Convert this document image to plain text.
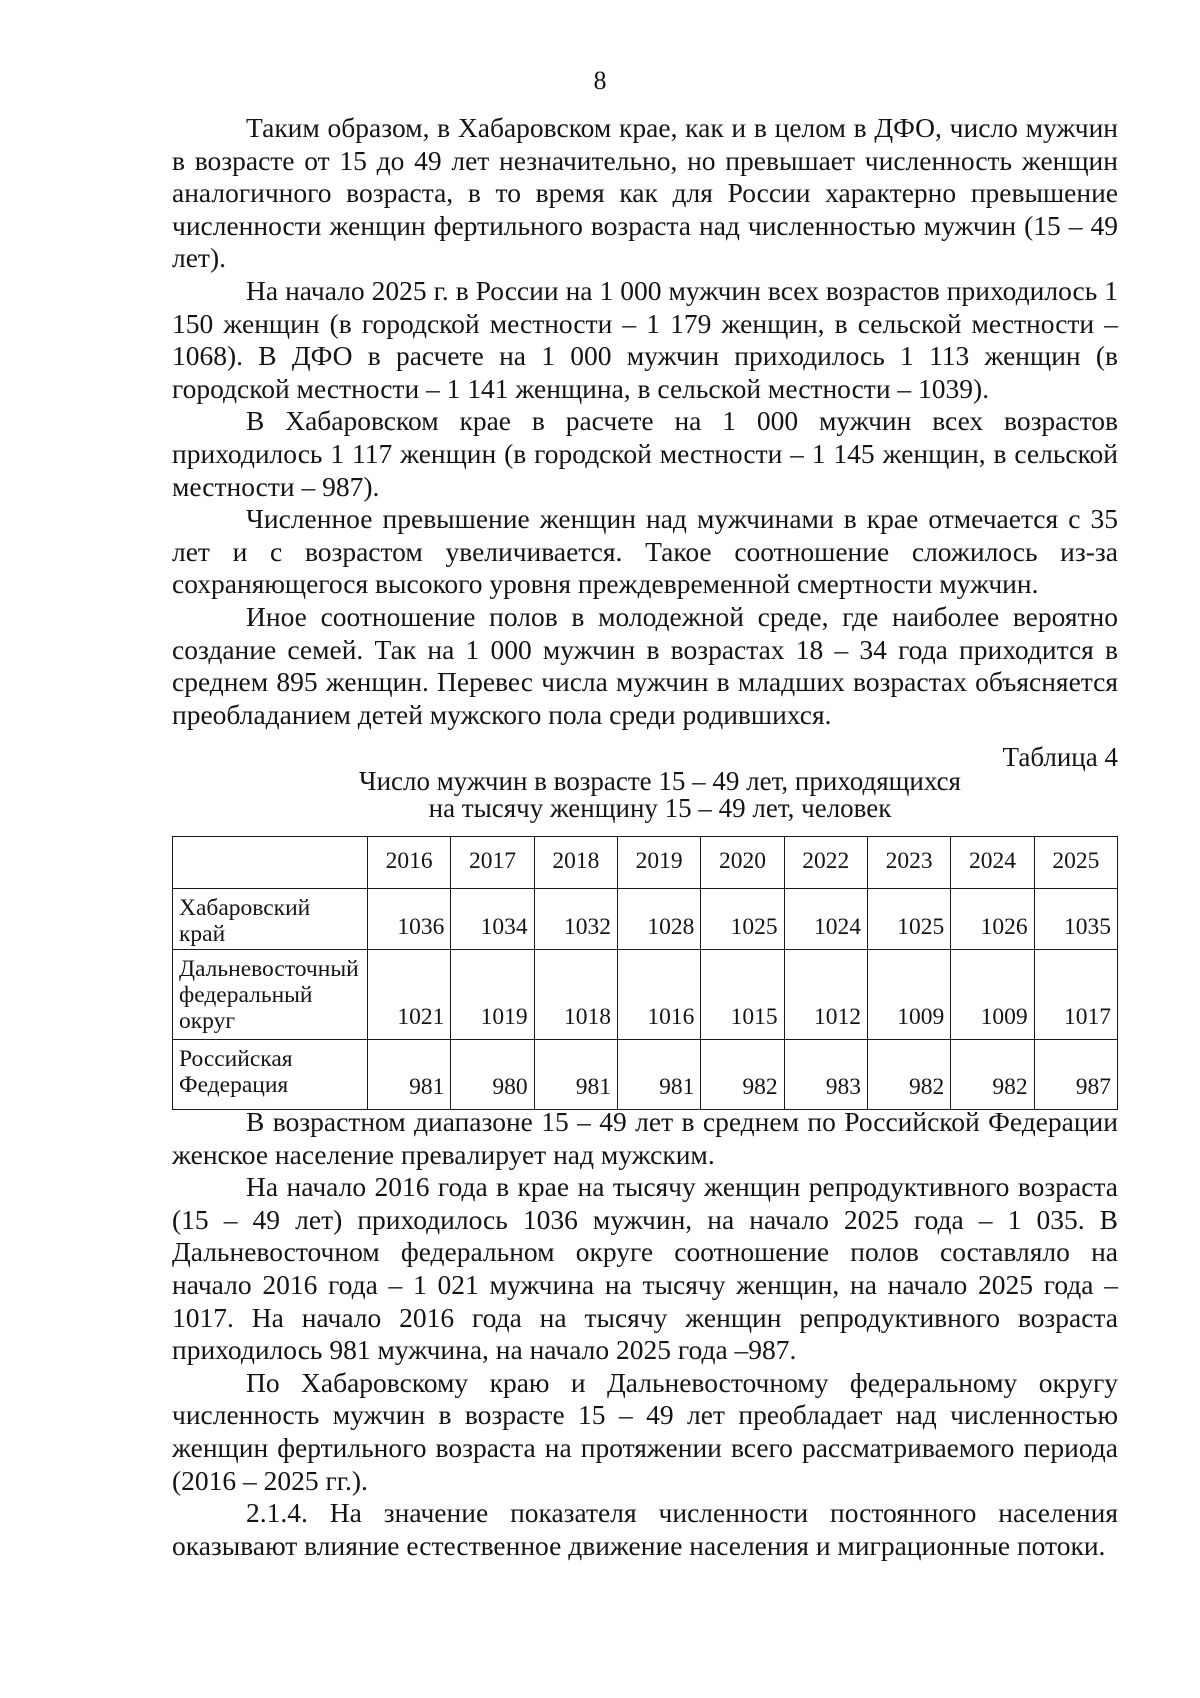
8

Таким образом, в Хабаровском крае, как и в целом в ДФО, число мужчин в возрасте от 15 до 49 лет незначительно, но превышает численность женщин аналогичного возраста, в то время как для России характерно превышение численности женщин фертильного возраста над численностью мужчин (15 – 49 лет).

На начало 2025 г. в России на 1 000 мужчин всех возрастов приходилось 1 150 женщин (в городской местности – 1 179 женщин, в сельской местности – 1068). В ДФО в расчете на 1 000 мужчин приходилось 1 113 женщин (в городской местности – 1 141 женщина, в сельской местности – 1039).

В Хабаровском крае в расчете на 1 000 мужчин всех возрастов приходилось 1 117 женщин (в городской местности – 1 145 женщин, в сельской местности – 987).

Численное превышение женщин над мужчинами в крае отмечается с 35 лет и с возрастом увеличивается. Такое соотношение сложилось из-за сохраняющегося высокого уровня преждевременной смертности мужчин.

Иное соотношение полов в молодежной среде, где наиболее вероятно создание семей. Так на 1 000 мужчин в возрастах 18 – 34 года приходится в среднем 895 женщин. Перевес числа мужчин в младших возрастах объясняется преобладанием детей мужского пола среди родившихся.

Таблица 4
Число мужчин в возрасте 15 – 49 лет, приходящихся
на тысячу женщину 15 – 49 лет, человек
	2016	2017	2018	2019	2020	2022	2023	2024	2025

Хабаровский край	1036	1034	1032	1028	1025	1024	1025	1026	1035

Дальневосточный
федеральный округ	1021	1019	1018	1016	1015	1012	1009	1009	1017

Российская
Федерация	981	980	981	981	982	983	982	982	987

В возрастном диапазоне 15 – 49 лет в среднем по Российской Федерации женское население превалирует над мужским.

На начало 2016 года в крае на тысячу женщин репродуктивного возраста (15 – 49 лет) приходилось 1036 мужчин, на начало 2025 года – 1 035. В Дальневосточном федеральном округе соотношение полов составляло на начало 2016 года – 1 021 мужчина на тысячу женщин, на начало 2025 года – 1017. На начало 2016 года на тысячу женщин репродуктивного возраста приходилось 981 мужчина, на начало 2025 года –987.

По Хабаровскому краю и Дальневосточному федеральному округу численность мужчин в возрасте 15 – 49 лет преобладает над численностью женщин фертильного возраста на протяжении всего рассматриваемого периода (2016 – 2025 гг.).

2.1.4. На значение показателя численности постоянного населения оказывают влияние естественное движение населения и миграционные потоки.
